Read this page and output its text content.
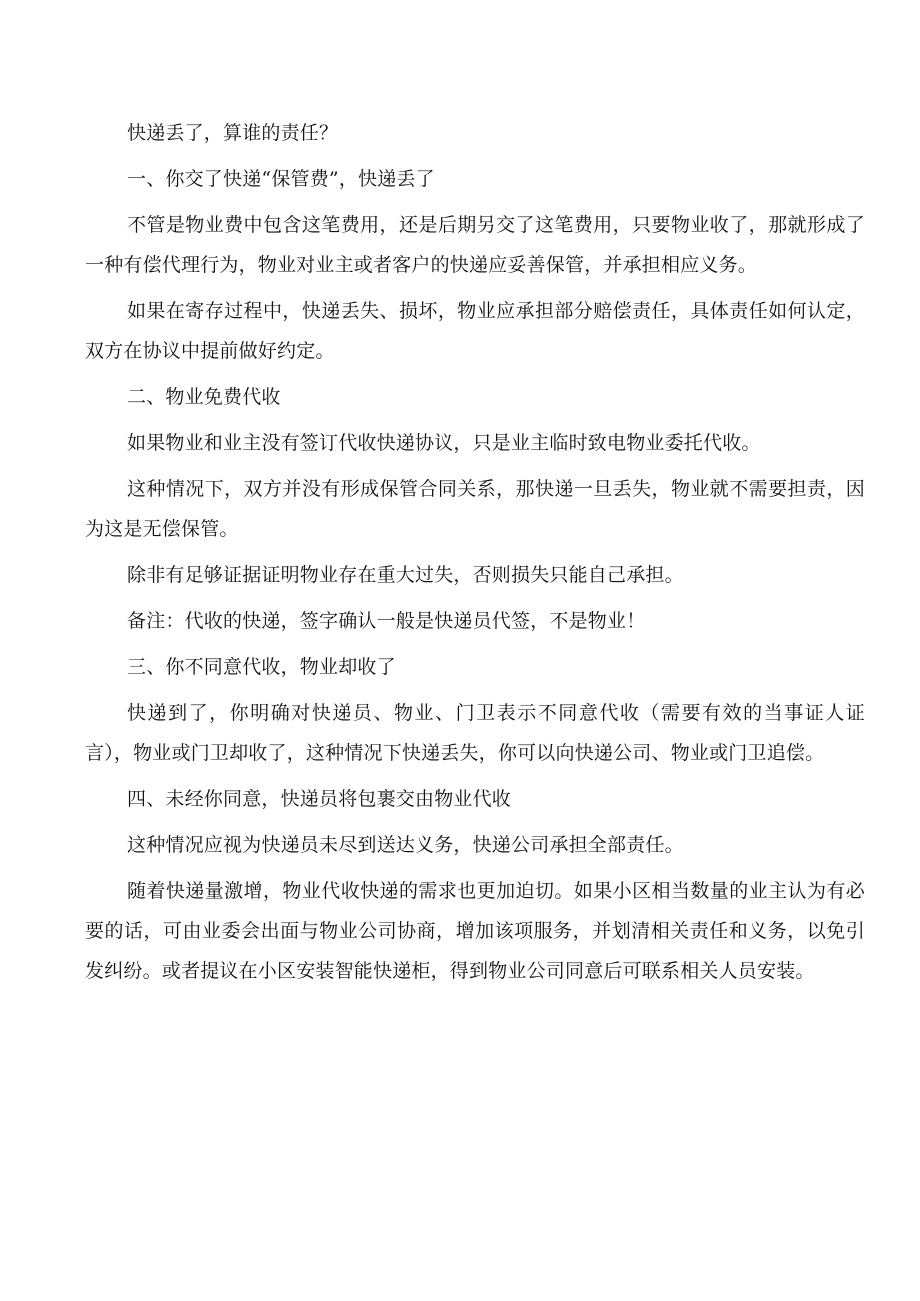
快递丢了，算谁的责任？

一、你交了快递“保管费”，快递丢了

不管是物业费中包含这笔费用，还是后期另交了这笔费用，只要物业收了，那就形成了一种有偿代理行为，物业对业主或者客户的快递应妥善保管，并承担相应义务。

如果在寄存过程中，快递丢失、损坏，物业应承担部分赔偿责任，具体责任如何认定，双方在协议中提前做好约定。

二、物业免费代收

如果物业和业主没有签订代收快递协议，只是业主临时致电物业委托代收。

这种情况下，双方并没有形成保管合同关系，那快递一旦丢失，物业就不需要担责，因为这是无偿保管。

除非有足够证据证明物业存在重大过失，否则损失只能自己承担。

备注：代收的快递，签字确认一般是快递员代签，不是物业！

三、你不同意代收，物业却收了

快递到了，你明确对快递员、物业、门卫表示不同意代收（需要有效的当事证人证言），物业或门卫却收了，这种情况下快递丢失，你可以向快递公司、物业或门卫追偿。

四、未经你同意，快递员将包裹交由物业代收

这种情况应视为快递员未尽到送达义务，快递公司承担全部责任。

随着快递量激增，物业代收快递的需求也更加迫切。如果小区相当数量的业主认为有必要的话，可由业委会出面与物业公司协商，增加该项服务，并划清相关责任和义务，以免引发纠纷。或者提议在小区安装智能快递柜，得到物业公司同意后可联系相关人员安装。
